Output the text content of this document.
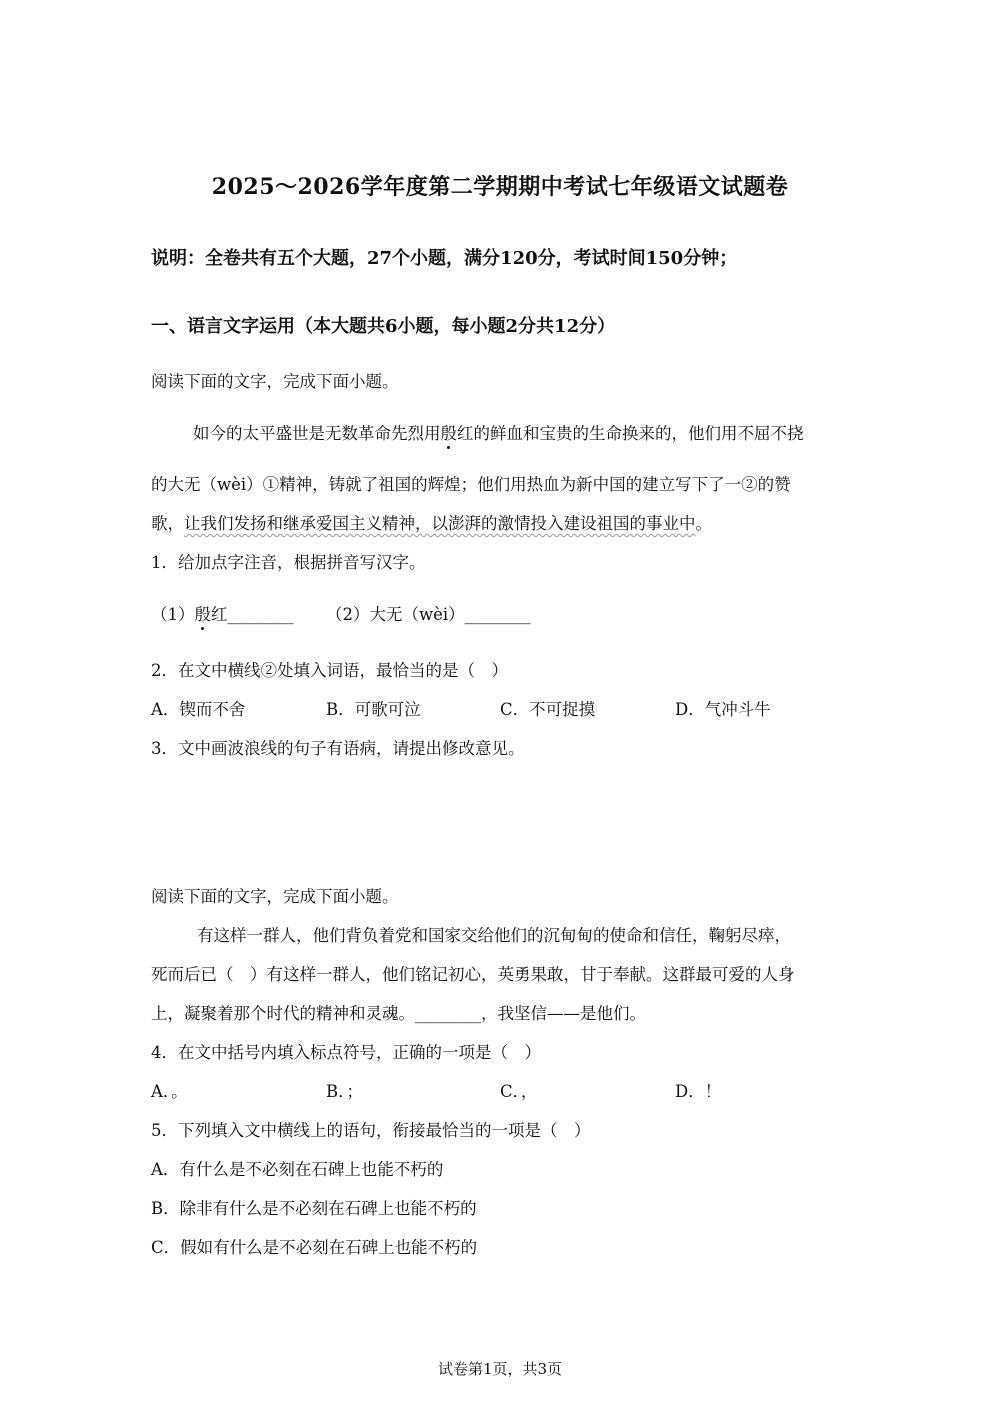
2025～2026学年度第二学期期中考试七年级语文试题卷
说明：全卷共有五个大题，27个小题，满分120分，考试时间150分钟；
一、语言文字运用（本大题共6小题，每小题2分共12分）
阅读下面的文字，完成下面小题。
如今的太平盛世是无数革命先烈用殷红的鲜血和宝贵的生命换来的，他们用不屈不挠
的大无（wèi）①精神，铸就了祖国的辉煌；他们用热血为新中国的建立写下了一②的赞
歌，让我们发扬和继承爱国主义精神，以澎湃的激情投入建设祖国的事业中。
1．给加点字注音，根据拼音写汉字。
（1）殷红________ （2）大无（wèi）________
2．在文中横线②处填入词语，最恰当的是（　）
A．锲而不舍	B．可歌可泣	C．不可捉摸	D．气冲斗牛
3．文中画波浪线的句子有语病，请提出修改意见。
阅读下面的文字，完成下面小题。
有这样一群人，他们背负着党和国家交给他们的沉甸甸的使命和信任，鞠躬尽瘁，
死而后已（　）有这样一群人，他们铭记初心，英勇果敢，甘于奉献。这群最可爱的人身
上，凝聚着那个时代的精神和灵魂。________，我坚信——是他们。
4．在文中括号内填入标点符号，正确的一项是（　）
A．。	B．；	C．，	D．！
5．下列填入文中横线上的语句，衔接最恰当的一项是（　）
A．有什么是不必刻在石碑上也能不朽的
B．除非有什么是不必刻在石碑上也能不朽的
C．假如有什么是不必刻在石碑上也能不朽的
试卷第1页，共3页
